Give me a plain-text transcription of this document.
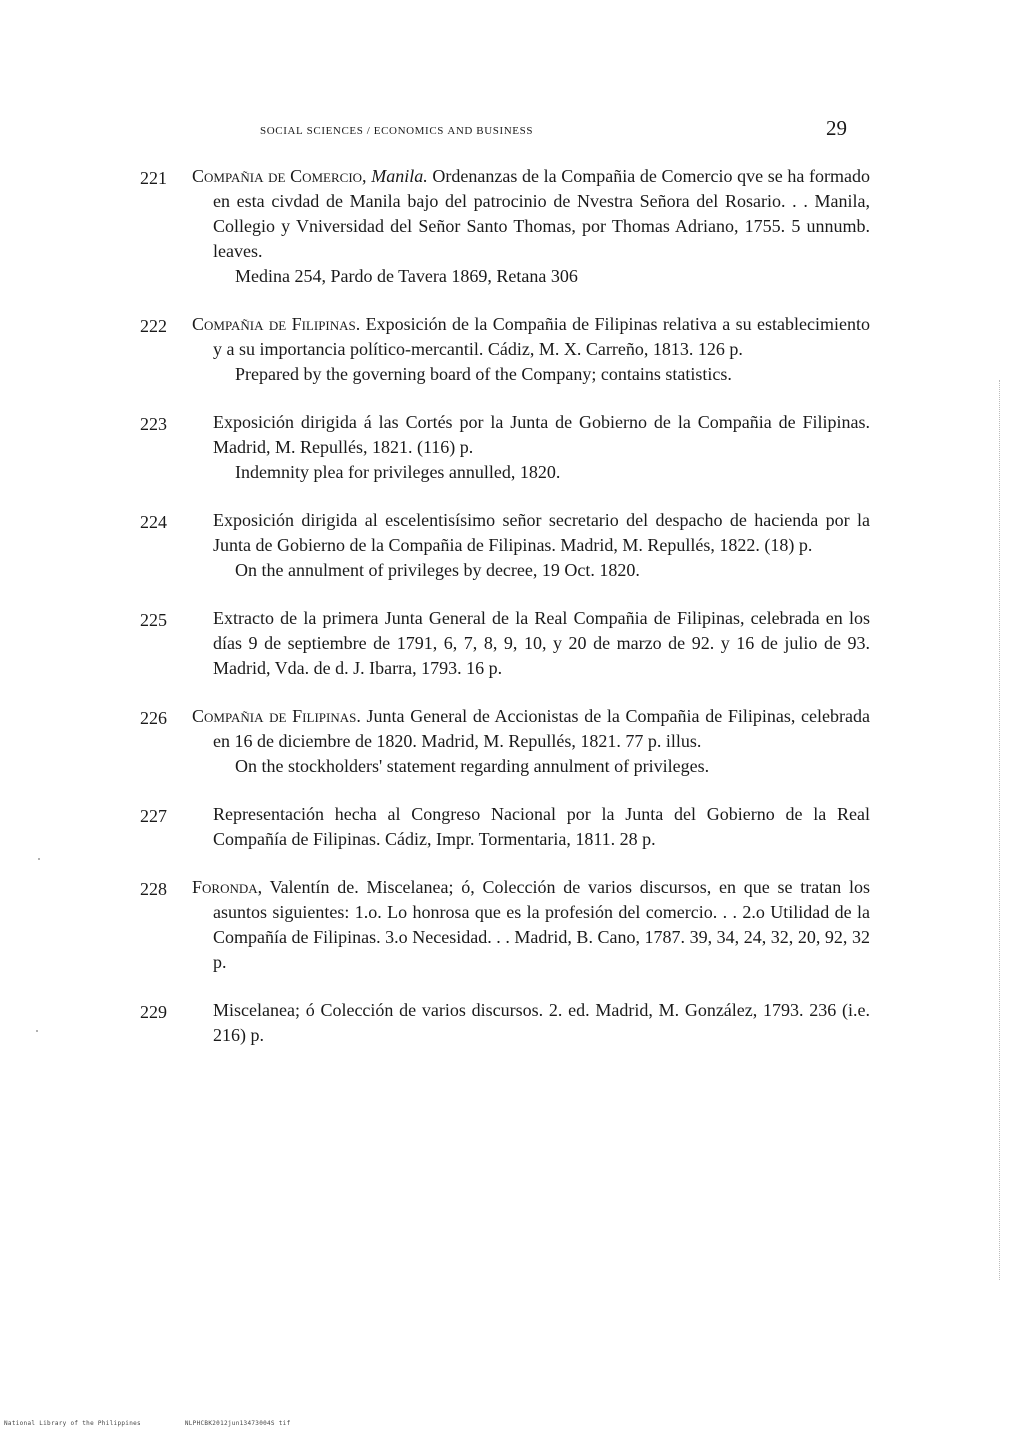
social sciences / economics and business	29
221	Compañia de Comercio, Manila. Ordenanzas de la Compañia de Comercio qve se ha formado en esta civdad de Manila bajo del patrocinio de Nvestra Señora del Rosario. . . Manila, Collegio y Vniversidad del Señor Santo Thomas, por Thomas Adriano, 1755. 5 unnumb. leaves.
Medina 254, Pardo de Tavera 1869, Retana 306
222	Compañia de Filipinas. Exposición de la Compañia de Filipinas relativa a su establecimiento y a su importancia político-mercantil. Cádiz, M. X. Carreño, 1813. 126 p.
Prepared by the governing board of the Company; contains statistics.
223	Exposición dirigida á las Cortés por la Junta de Gobierno de la Compañia de Filipinas. Madrid, M. Repullés, 1821. (116) p.
Indemnity plea for privileges annulled, 1820.
224	Exposición dirigida al escelentisísimo señor secretario del despacho de hacienda por la Junta de Gobierno de la Compañia de Filipinas. Madrid, M. Repullés, 1822. (18) p.
On the annulment of privileges by decree, 19 Oct. 1820.
225	Extracto de la primera Junta General de la Real Compañia de Filipinas, celebrada en los días 9 de septiembre de 1791, 6, 7, 8, 9, 10, y 20 de marzo de 92. y 16 de julio de 93. Madrid, Vda. de d. J. Ibarra, 1793. 16 p.
226	Compañia de Filipinas. Junta General de Accionistas de la Compañia de Filipinas, celebrada en 16 de diciembre de 1820. Madrid, M. Repullés, 1821. 77 p. illus.
On the stockholders' statement regarding annulment of privileges.
227	Representación hecha al Congreso Nacional por la Junta del Gobierno de la Real Compañía de Filipinas. Cádiz, Impr. Tormentaria, 1811. 28 p.
228	Foronda, Valentín de. Miscelanea; ó, Colección de varios discursos, en que se tratan los asuntos siguientes: 1.o. Lo honrosa que es la profesión del comercio. . . 2.o Utilidad de la Compañía de Filipinas. 3.o Necesidad. . . Madrid, B. Cano, 1787. 39, 34, 24, 32, 20, 92, 32 p.
229	Miscelanea; ó Colección de varios discursos. 2. ed. Madrid, M. González, 1793. 236 (i.e. 216) p.
National Library of the Philippines	NLPHCBK2012jun13473004S tif
